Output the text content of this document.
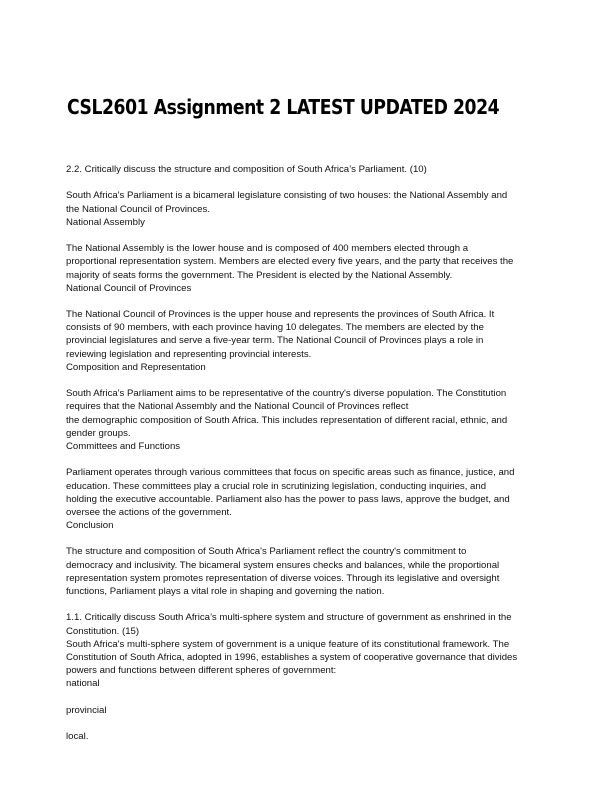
CSL2601 Assignment 2 LATEST UPDATED 2024
2.2. Critically discuss the structure and composition of South Africa’s Parliament. (10)
South Africa's Parliament is a bicameral legislature consisting of two houses: the National Assembly and
the National Council of Provinces.
National Assembly
The National Assembly is the lower house and is composed of 400 members elected through a
proportional representation system. Members are elected every five years, and the party that receives the
majority of seats forms the government. The President is elected by the National Assembly.
National Council of Provinces
The National Council of Provinces is the upper house and represents the provinces of South Africa. It
consists of 90 members, with each province having 10 delegates. The members are elected by the
provincial legislatures and serve a five-year term. The National Council of Provinces plays a role in
reviewing legislation and representing provincial interests.
Composition and Representation
South Africa's Parliament aims to be representative of the country's diverse population. The Constitution
requires that the National Assembly and the National Council of Provinces reflect
the demographic composition of South Africa. This includes representation of different racial, ethnic, and
gender groups.
Committees and Functions
Parliament operates through various committees that focus on specific areas such as finance, justice, and
education. These committees play a crucial role in scrutinizing legislation, conducting inquiries, and
holding the executive accountable. Parliament also has the power to pass laws, approve the budget, and
oversee the actions of the government.
Conclusion
The structure and composition of South Africa's Parliament reflect the country's commitment to
democracy and inclusivity. The bicameral system ensures checks and balances, while the proportional
representation system promotes representation of diverse voices. Through its legislative and oversight
functions, Parliament plays a vital role in shaping and governing the nation.
1.1. Critically discuss South Africa’s multi-sphere system and structure of government as enshrined in the
Constitution. (15)
South Africa's multi-sphere system of government is a unique feature of its constitutional framework. The
Constitution of South Africa, adopted in 1996, establishes a system of cooperative governance that divides
powers and functions between different spheres of government:
national
provincial
local.
